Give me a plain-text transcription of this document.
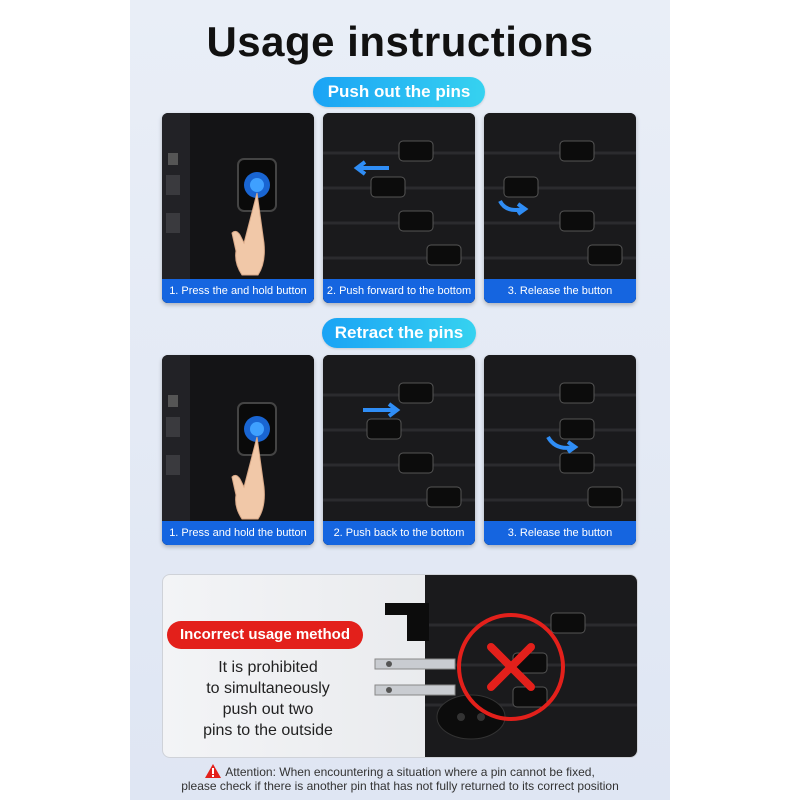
Usage instructions
Push out the pins
1. Press the and hold button	2. Push forward to the bottom	3. Release the button
Retract the pins
1. Press and hold the button	2. Push back to the bottom	3. Release the button
Incorrect usage method
It is prohibited
to simultaneously
push out two
pins to the outside
Attention: When encountering a situation where a pin cannot be fixed,
please check if there is another pin that has not fully returned to its correct position
